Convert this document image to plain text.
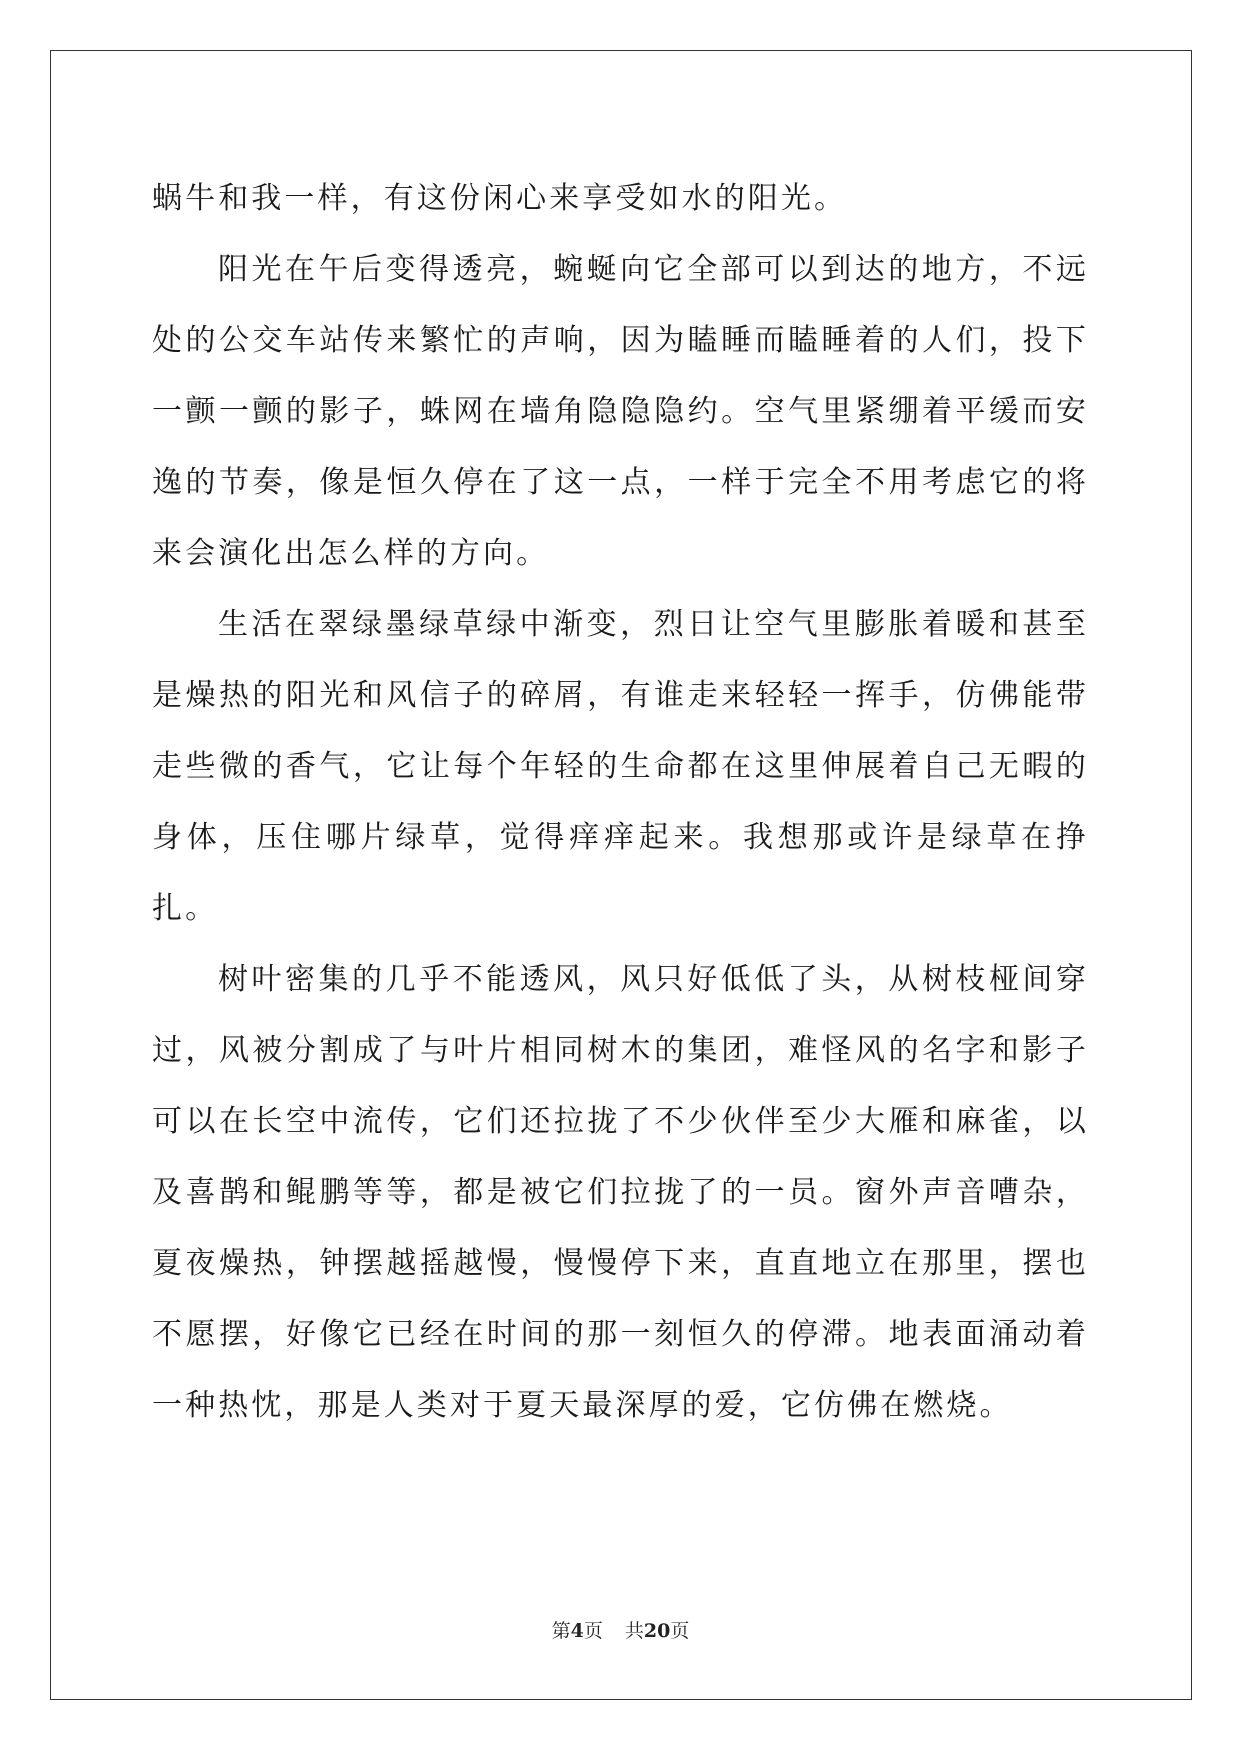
蜗牛和我一样，有这份闲心来享受如水的阳光。

阳光在午后变得透亮，蜿蜒向它全部可以到达的地方，不远处的公交车站传来繁忙的声响，因为瞌睡而瞌睡着的人们，投下一颤一颤的影子，蛛网在墙角隐隐隐约。空气里紧绷着平缓而安逸的节奏，像是恒久停在了这一点，一样于完全不用考虑它的将来会演化出怎么样的方向。

生活在翠绿墨绿草绿中渐变，烈日让空气里膨胀着暖和甚至是燥热的阳光和风信子的碎屑，有谁走来轻轻一挥手，仿佛能带走些微的香气，它让每个年轻的生命都在这里伸展着自己无暇的身体，压住哪片绿草，觉得痒痒起来。我想那或许是绿草在挣扎。

树叶密集的几乎不能透风，风只好低低了头，从树枝桠间穿过，风被分割成了与叶片相同树木的集团，难怪风的名字和影子可以在长空中流传，它们还拉拢了不少伙伴至少大雁和麻雀，以及喜鹊和鲲鹏等等，都是被它们拉拢了的一员。窗外声音嘈杂，夏夜燥热，钟摆越摇越慢，慢慢停下来，直直地立在那里，摆也不愿摆，好像它已经在时间的那一刻恒久的停滞。地表面涌动着一种热忱，那是人类对于夏天最深厚的爱，它仿佛在燃烧。

第4页 共20页
